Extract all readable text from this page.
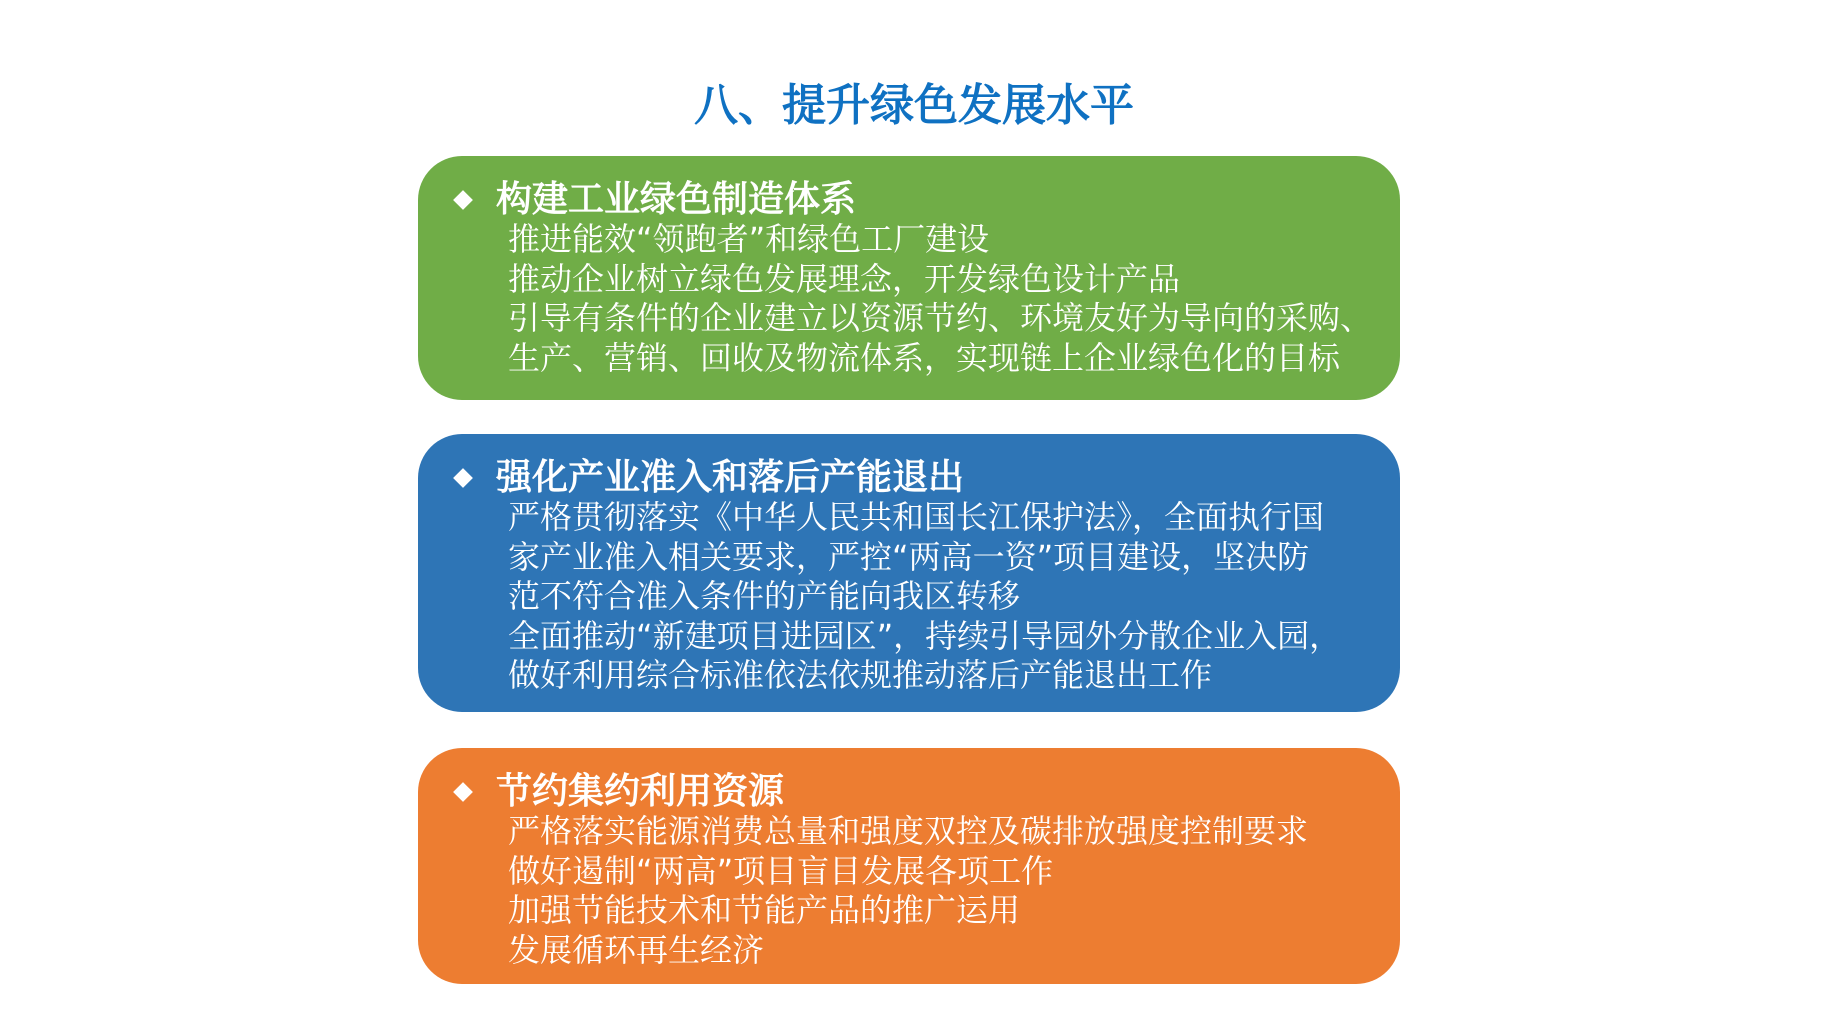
八、提升绿色发展水平
构建工业绿色制造体系
推进能效“领跑者”和绿色工厂建设
推动企业树立绿色发展理念，开发绿色设计产品
引导有条件的企业建立以资源节约、环境友好为导向的采购、
生产、营销、回收及物流体系，实现链上企业绿色化的目标
强化产业准入和落后产能退出
严格贯彻落实《中华人民共和国长江保护法》，全面执行国
家产业准入相关要求，严控“两高一资”项目建设，坚决防
范不符合准入条件的产能向我区转移
全面推动“新建项目进园区”，持续引导园外分散企业入园，
做好利用综合标准依法依规推动落后产能退出工作
节约集约利用资源
严格落实能源消费总量和强度双控及碳排放强度控制要求
做好遏制“两高”项目盲目发展各项工作
加强节能技术和节能产品的推广运用
发展循环再生经济
